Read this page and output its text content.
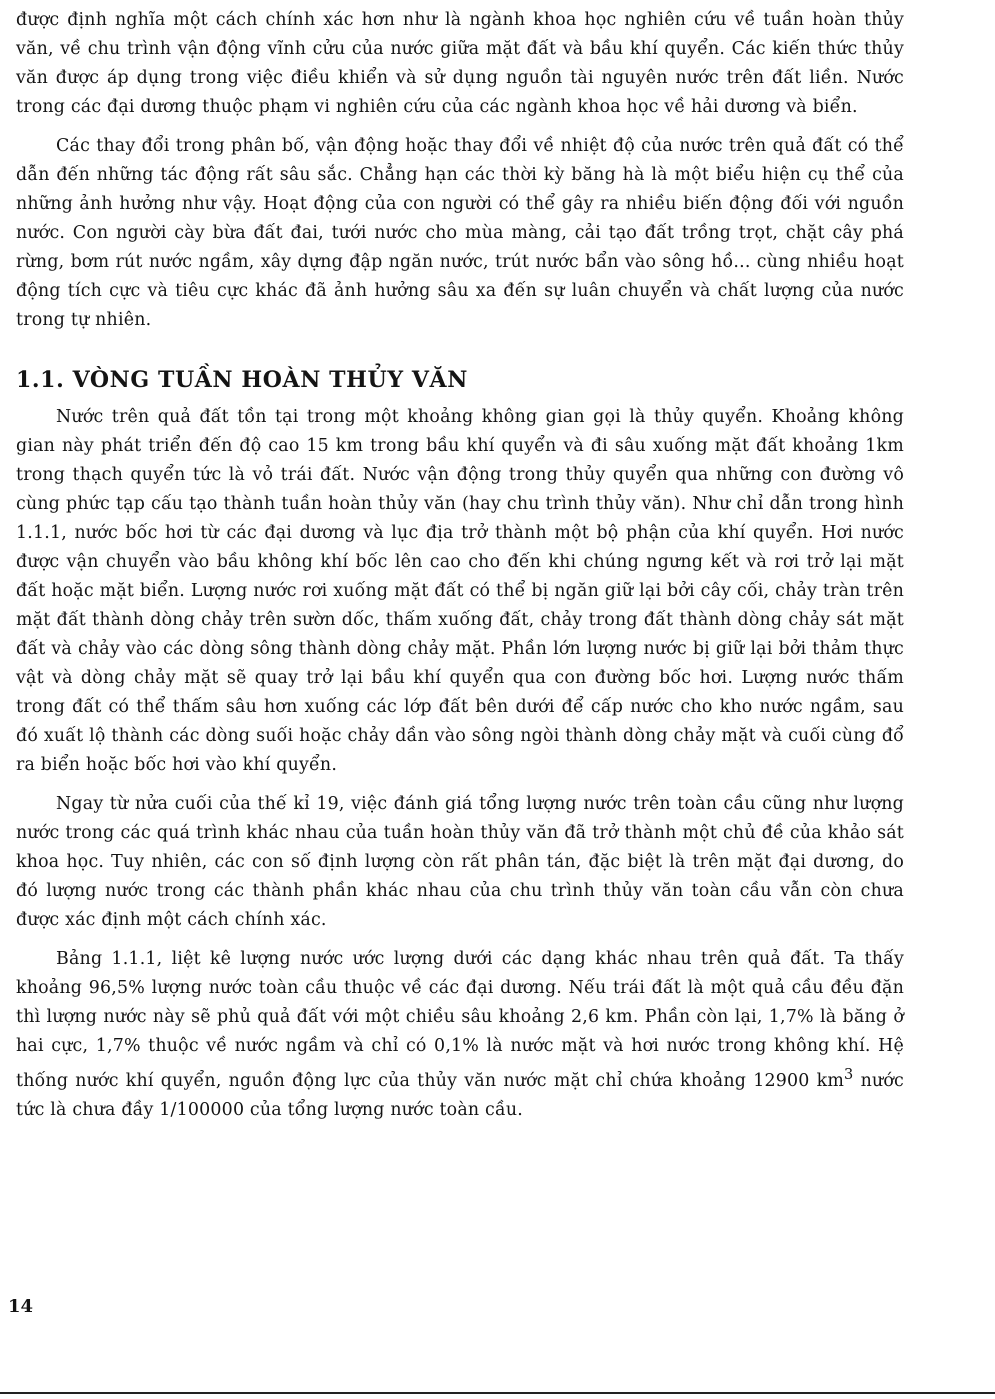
được định nghĩa một cách chính xác hơn như là ngành khoa học nghiên cứu về tuần hoàn thủy văn, về chu trình vận động vĩnh cửu của nước giữa mặt đất và bầu khí quyển. Các kiến thức thủy văn được áp dụng trong việc điều khiển và sử dụng nguồn tài nguyên nước trên đất liền. Nước trong các đại dương thuộc phạm vi nghiên cứu của các ngành khoa học về hải dương và biển.

Các thay đổi trong phân bố, vận động hoặc thay đổi về nhiệt độ của nước trên quả đất có thể dẫn đến những tác động rất sâu sắc. Chẳng hạn các thời kỳ băng hà là một biểu hiện cụ thể của những ảnh hưởng như vậy. Hoạt động của con người có thể gây ra nhiều biến động đối với nguồn nước. Con người cày bừa đất đai, tưới nước cho mùa màng, cải tạo đất trồng trọt, chặt cây phá rừng, bơm rút nước ngầm, xây dựng đập ngăn nước, trút nước bẩn vào sông hồ... cùng nhiều hoạt động tích cực và tiêu cực khác đã ảnh hưởng sâu xa đến sự luân chuyển và chất lượng của nước trong tự nhiên.

1.1. VÒNG TUẦN HOÀN THỦY VĂN

Nước trên quả đất tồn tại trong một khoảng không gian gọi là thủy quyển. Khoảng không gian này phát triển đến độ cao 15 km trong bầu khí quyển và đi sâu xuống mặt đất khoảng 1km trong thạch quyển tức là vỏ trái đất. Nước vận động trong thủy quyển qua những con đường vô cùng phức tạp cấu tạo thành tuần hoàn thủy văn (hay chu trình thủy văn). Như chỉ dẫn trong hình 1.1.1, nước bốc hơi từ các đại dương và lục địa trở thành một bộ phận của khí quyển. Hơi nước được vận chuyển vào bầu không khí bốc lên cao cho đến khi chúng ngưng kết và rơi trở lại mặt đất hoặc mặt biển. Lượng nước rơi xuống mặt đất có thể bị ngăn giữ lại bởi cây cối, chảy tràn trên mặt đất thành dòng chảy trên sườn dốc, thấm xuống đất, chảy trong đất thành dòng chảy sát mặt đất và chảy vào các dòng sông thành dòng chảy mặt. Phần lớn lượng nước bị giữ lại bởi thảm thực vật và dòng chảy mặt sẽ quay trở lại bầu khí quyển qua con đường bốc hơi. Lượng nước thấm trong đất có thể thấm sâu hơn xuống các lớp đất bên dưới để cấp nước cho kho nước ngầm, sau đó xuất lộ thành các dòng suối hoặc chảy dần vào sông ngòi thành dòng chảy mặt và cuối cùng đổ ra biển hoặc bốc hơi vào khí quyển.

Ngay từ nửa cuối của thế kỉ 19, việc đánh giá tổng lượng nước trên toàn cầu cũng như lượng nước trong các quá trình khác nhau của tuần hoàn thủy văn đã trở thành một chủ đề của khảo sát khoa học. Tuy nhiên, các con số định lượng còn rất phân tán, đặc biệt là trên mặt đại dương, do đó lượng nước trong các thành phần khác nhau của chu trình thủy văn toàn cầu vẫn còn chưa được xác định một cách chính xác.

Bảng 1.1.1, liệt kê lượng nước ước lượng dưới các dạng khác nhau trên quả đất. Ta thấy khoảng 96,5% lượng nước toàn cầu thuộc về các đại dương. Nếu trái đất là một quả cầu đều đặn thì lượng nước này sẽ phủ quả đất với một chiều sâu khoảng 2,6 km. Phần còn lại, 1,7% là băng ở hai cực, 1,7% thuộc về nước ngầm và chỉ có 0,1% là nước mặt và hơi nước trong không khí. Hệ thống nước khí quyển, nguồn động lực của thủy văn nước mặt chỉ chứa khoảng 12900 $km^3$ nước tức là chưa đầy 1/100000 của tổng lượng nước toàn cầu.

14
